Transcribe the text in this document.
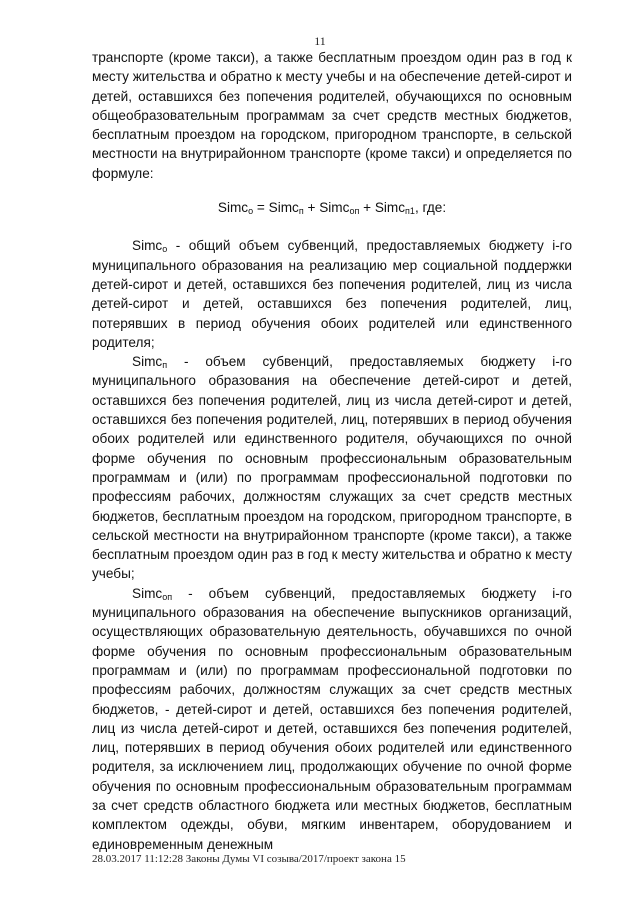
11

транспорте (кроме такси), а также бесплатным проездом один раз в год к месту жительства и обратно к месту учебы и на обеспечение детей-сирот и детей, оставшихся без попечения родителей, обучающихся по основным общеобразовательным программам за счет средств местных бюджетов, бесплатным проездом на городском, пригородном транспорте, в сельской местности на внутрирайонном транспорте (кроме такси) и определяется по формуле:

Simc$_о$ = Simc$_п$ + Simc$_{оп}$ + Simc$_{п1}$, где:

Simc$_о$ - общий объем субвенций, предоставляемых бюджету i-го муниципального образования на реализацию мер социальной поддержки детей-сирот и детей, оставшихся без попечения родителей, лиц из числа детей-сирот и детей, оставшихся без попечения родителей, лиц, потерявших в период обучения обоих родителей или единственного родителя;

Simc$_п$ - объем субвенций, предоставляемых бюджету i-го муниципального образования на обеспечение детей-сирот и детей, оставшихся без попечения родителей, лиц из числа детей-сирот и детей, оставшихся без попечения родителей, лиц, потерявших в период обучения обоих родителей или единственного родителя, обучающихся по очной форме обучения по основным профессиональным образовательным программам и (или) по программам профессиональной подготовки по профессиям рабочих, должностям служащих за счет средств местных бюджетов, бесплатным проездом на городском, пригородном транспорте, в сельской местности на внутрирайонном транспорте (кроме такси), а также бесплатным проездом один раз в год к месту жительства и обратно к месту учебы;

Simc$_{оп}$ - объем субвенций, предоставляемых бюджету i-го муниципального образования на обеспечение выпускников организаций, осуществляющих образовательную деятельность, обучавшихся по очной форме обучения по основным профессиональным образовательным программам и (или) по программам профессиональной подготовки по профессиям рабочих, должностям служащих за счет средств местных бюджетов, - детей-сирот и детей, оставшихся без попечения родителей, лиц из числа детей-сирот и детей, оставшихся без попечения родителей, лиц, потерявших в период обучения обоих родителей или единственного родителя, за исключением лиц, продолжающих обучение по очной форме обучения по основным профессиональным образовательным программам за счет средств областного бюджета или местных бюджетов, бесплатным комплектом одежды, обуви, мягким инвентарем, оборудованием и единовременным денежным

28.03.2017 11:12:28 Законы Думы VI созыва/2017/проект закона 15
